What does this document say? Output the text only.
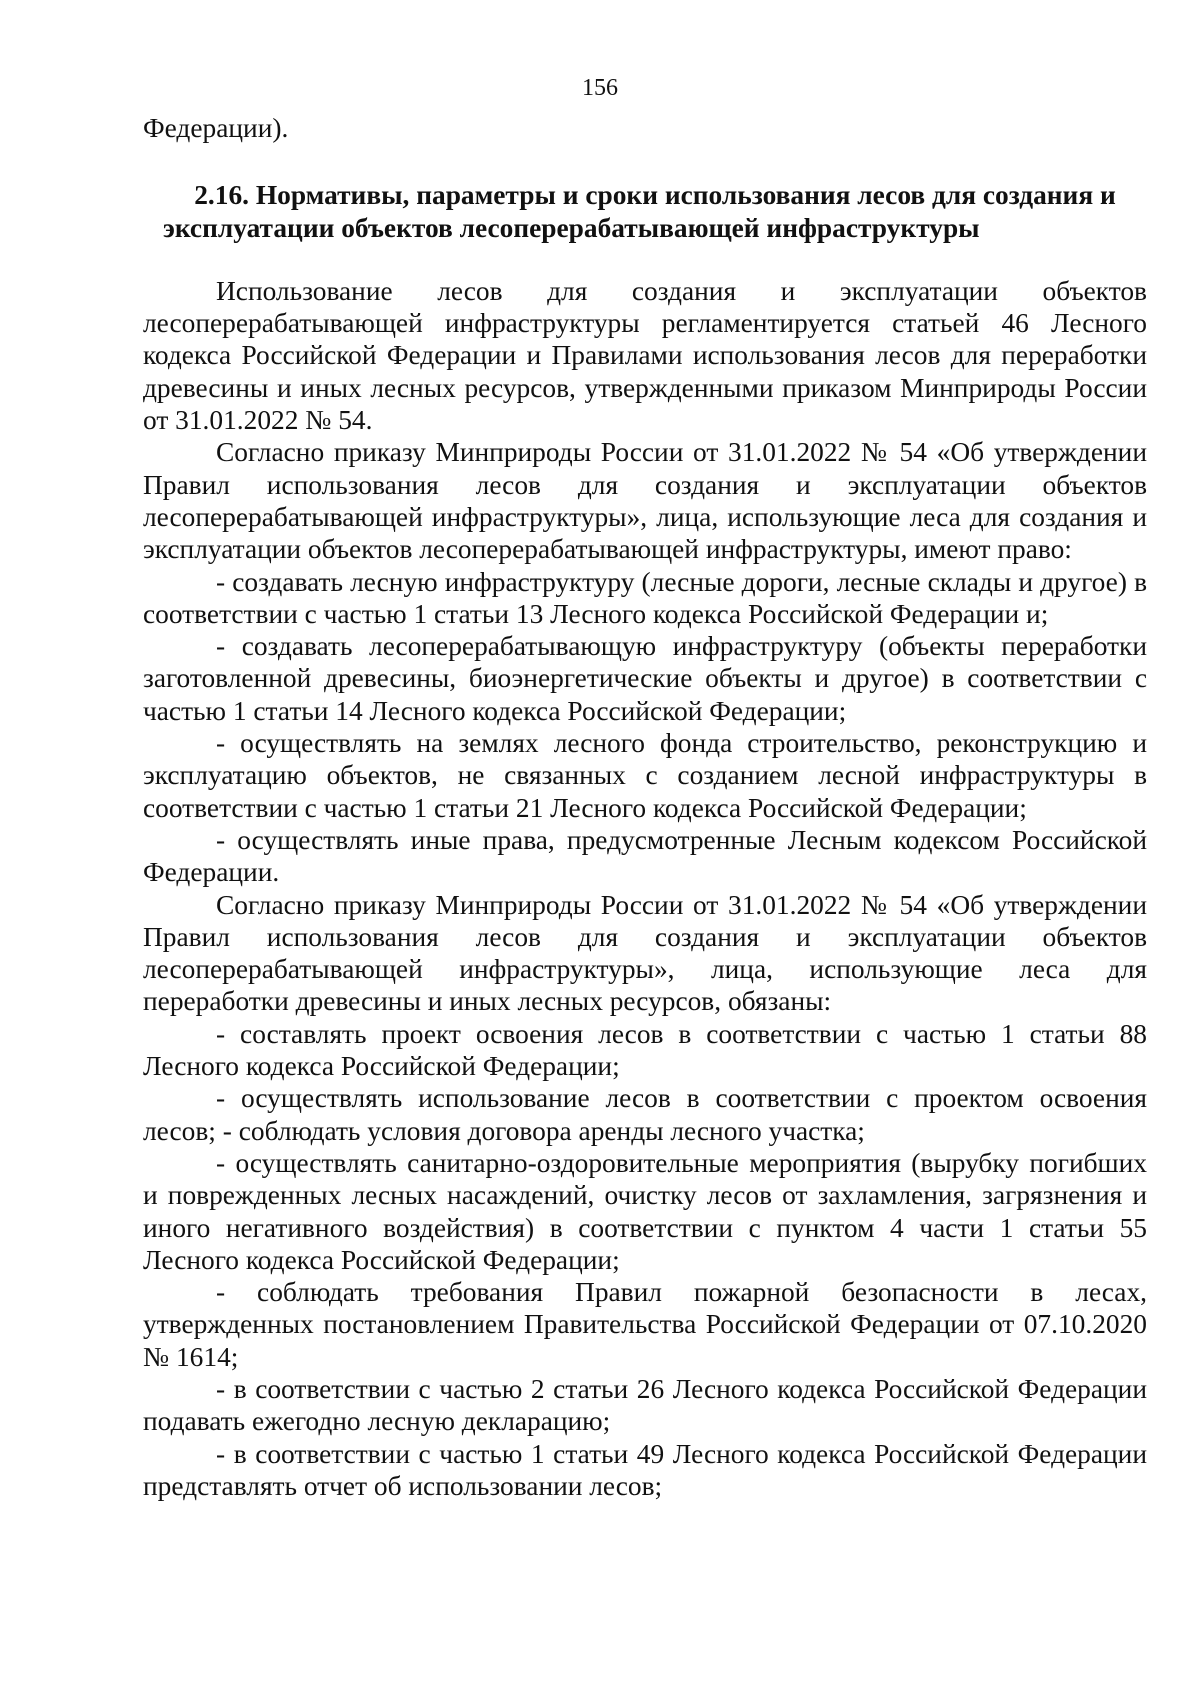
156

Федерации).

2.16. Нормативы, параметры и сроки использования лесов для создания и эксплуатации объектов лесоперерабатывающей инфраструктуры

Использование лесов для создания и эксплуатации объектов лесоперерабатывающей инфраструктуры регламентируется статьей 46 Лесного кодекса Российской Федерации и Правилами использования лесов для переработки древесины и иных лесных ресурсов, утвержденными приказом Минприроды России от 31.01.2022 № 54.

Согласно приказу Минприроды России от 31.01.2022 № 54 «Об утверждении Правил использования лесов для создания и эксплуатации объектов лесоперерабатывающей инфраструктуры», лица, использующие леса для создания и эксплуатации объектов лесоперерабатывающей инфраструктуры, имеют право:

- создавать лесную инфраструктуру (лесные дороги, лесные склады и другое) в соответствии с частью 1 статьи 13 Лесного кодекса Российской Федерации и;

- создавать лесоперерабатывающую инфраструктуру (объекты переработки заготовленной древесины, биоэнергетические объекты и другое) в соответствии с частью 1 статьи 14 Лесного кодекса Российской Федерации;

- осуществлять на землях лесного фонда строительство, реконструкцию и эксплуатацию объектов, не связанных с созданием лесной инфраструктуры в соответствии с частью 1 статьи 21 Лесного кодекса Российской Федерации;

- осуществлять иные права, предусмотренные Лесным кодексом Российской Федерации.

Согласно приказу Минприроды России от 31.01.2022 № 54 «Об утверждении Правил использования лесов для создания и эксплуатации объектов лесоперерабатывающей инфраструктуры», лица, использующие леса для переработки древесины и иных лесных ресурсов, обязаны:

- составлять проект освоения лесов в соответствии с частью 1 статьи 88 Лесного кодекса Российской Федерации;

- осуществлять использование лесов в соответствии с проектом освоения лесов; - соблюдать условия договора аренды лесного участка;

- осуществлять санитарно-оздоровительные мероприятия (вырубку погибших и поврежденных лесных насаждений, очистку лесов от захламления, загрязнения и иного негативного воздействия) в соответствии с пунктом 4 части 1 статьи 55 Лесного кодекса Российской Федерации;

- соблюдать требования Правил пожарной безопасности в лесах, утвержденных постановлением Правительства Российской Федерации от 07.10.2020 № 1614;

- в соответствии с частью 2 статьи 26 Лесного кодекса Российской Федерации подавать ежегодно лесную декларацию;

- в соответствии с частью 1 статьи 49 Лесного кодекса Российской Федерации представлять отчет об использовании лесов;
